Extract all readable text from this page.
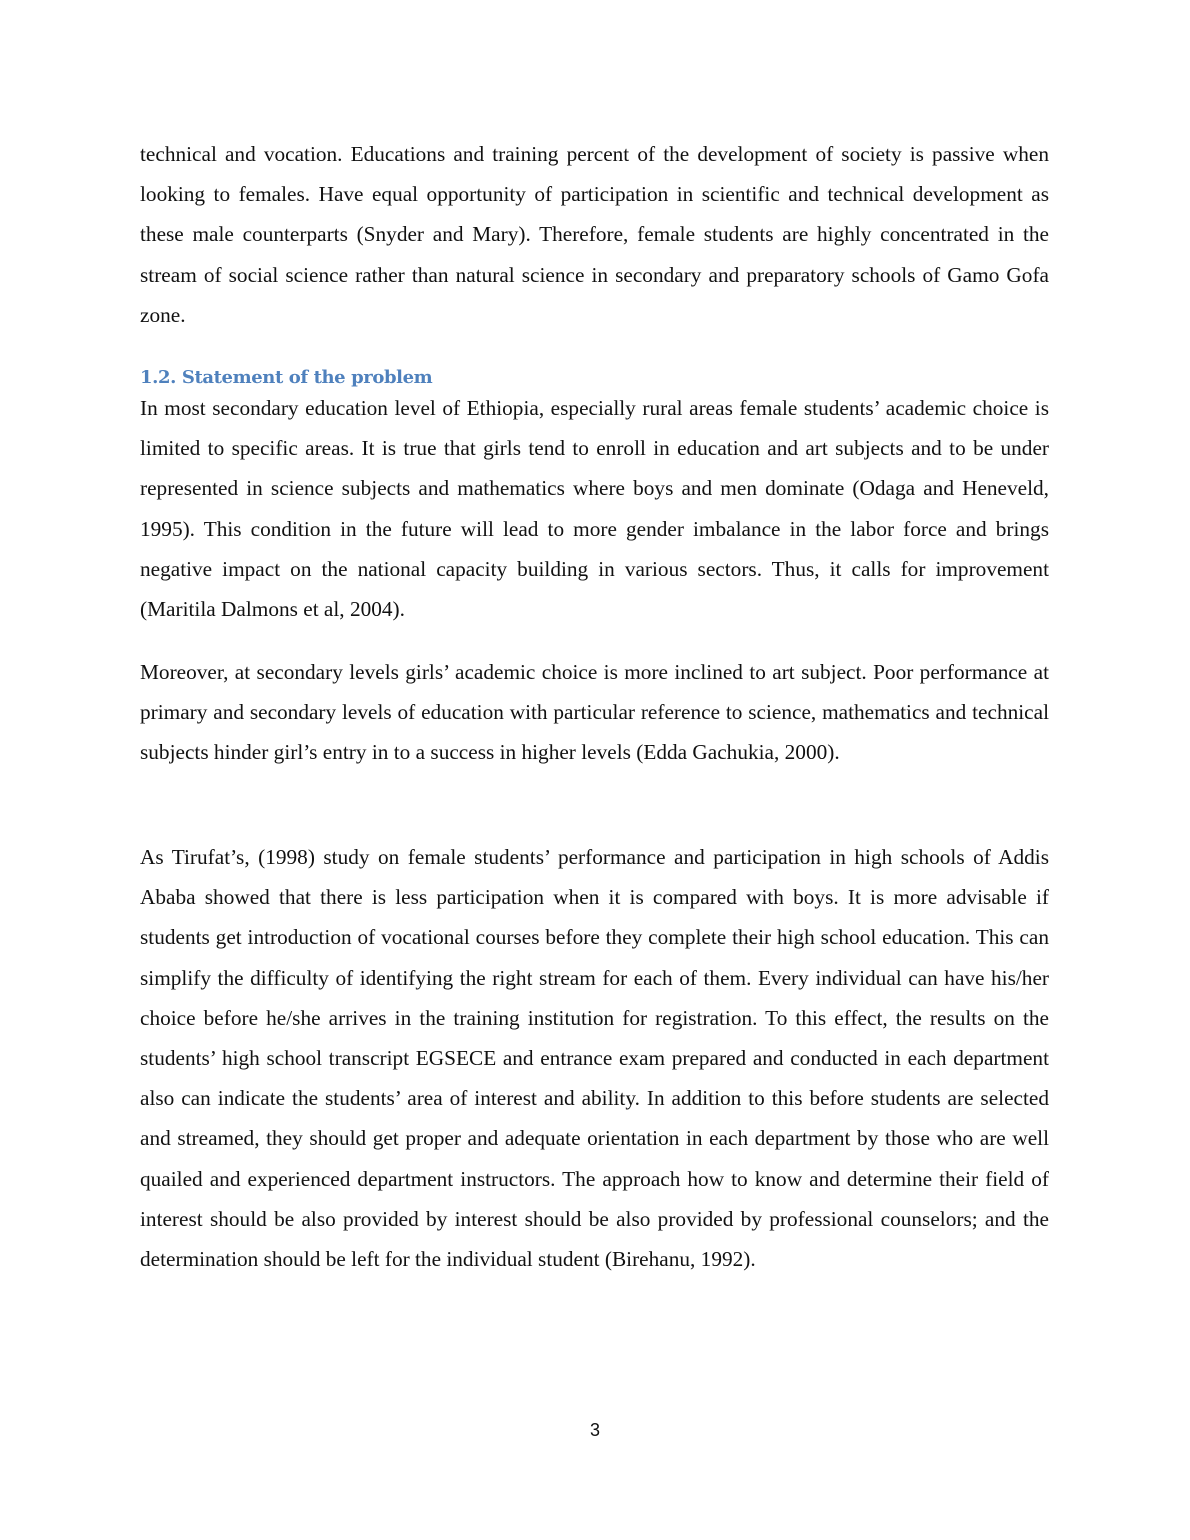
technical and vocation. Educations and training percent of the development of society is passive when looking to females. Have equal opportunity of participation in scientific and technical development as these male counterparts (Snyder and Mary). Therefore, female students are highly concentrated in the stream of social science rather than natural science in secondary and preparatory schools of Gamo Gofa zone.

1.2. Statement of the problem

In most secondary education level of Ethiopia, especially rural areas female students’ academic choice is limited to specific areas. It is true that girls tend to enroll in education and art subjects and to be under represented in science subjects and mathematics where boys and men dominate (Odaga and Heneveld, 1995). This condition in the future will lead to more gender imbalance in the labor force and brings negative impact on the national capacity building in various sectors. Thus, it calls for improvement (Maritila Dalmons et al, 2004).

Moreover, at secondary levels girls’ academic choice is more inclined to art subject. Poor performance at primary and secondary levels of education with particular reference to science, mathematics and technical subjects hinder girl’s entry in to a success in higher levels (Edda Gachukia, 2000).

As Tirufat’s, (1998) study on female students’ performance and participation in high schools of Addis Ababa showed that there is less participation when it is compared with boys. It is more advisable if students get introduction of vocational courses before they complete their high school education. This can simplify the difficulty of identifying the right stream for each of them. Every individual can have his/her choice before he/she arrives in the training institution for registration. To this effect, the results on the students’ high school transcript EGSECE and entrance exam prepared and conducted in each department also can indicate the students’ area of interest and ability. In addition to this before students are selected and streamed, they should get proper and adequate orientation in each department by those who are well quailed and experienced department instructors. The approach how to know and determine their field of interest should be also provided by interest should be also provided by professional counselors; and the determination should be left for the individual student (Birehanu, 1992).

3
